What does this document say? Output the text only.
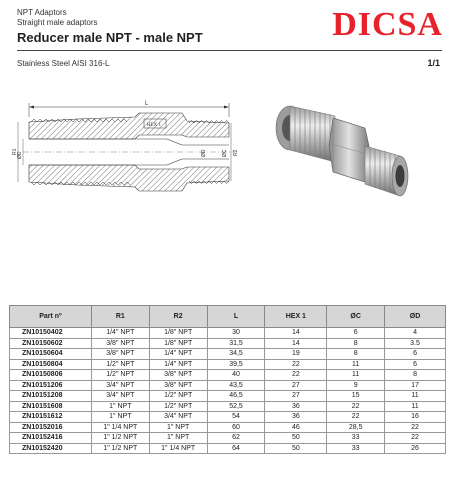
NPT Adaptors
Straight male adaptors
Reducer male NPT - male NPT	DICSA
Stainless Steel AISI 316-L	1/1
L
ØD
R1	ØD	ØC R2
Part nº	R1	R2	L	HEX 1	ØC	ØD
ZN10150402	1/4" NPT	1/8" NPT	30	14	6	4
ZN10150602	3/8" NPT	1/8" NPT	31,5	14	8	3.5
ZN10150604	3/8" NPT	1/4" NPT	34,5	19	8	6
ZN10150804	1/2" NPT	1/4" NPT	39,5	22	11	6
ZN10150806	1/2" NPT	3/8" NPT	40	22	11	8
ZN10151206	3/4" NPT	3/8" NPT	43,5	27	9	17
ZN10151208	3/4" NPT	1/2" NPT	46,5	27	15	11
ZN10151608	1" NPT	1/2" NPT	52,5	36	22	11
ZN10151612	1" NPT	3/4" NPT	54	36	22	16
ZN10152016	1" 1/4 NPT	1" NPT	60	46	28,5	22
ZN10152416	1" 1/2 NPT	1" NPT	62	50	33	22
ZN10152420	1" 1/2 NPT	1" 1/4 NPT	64	50	33	26
